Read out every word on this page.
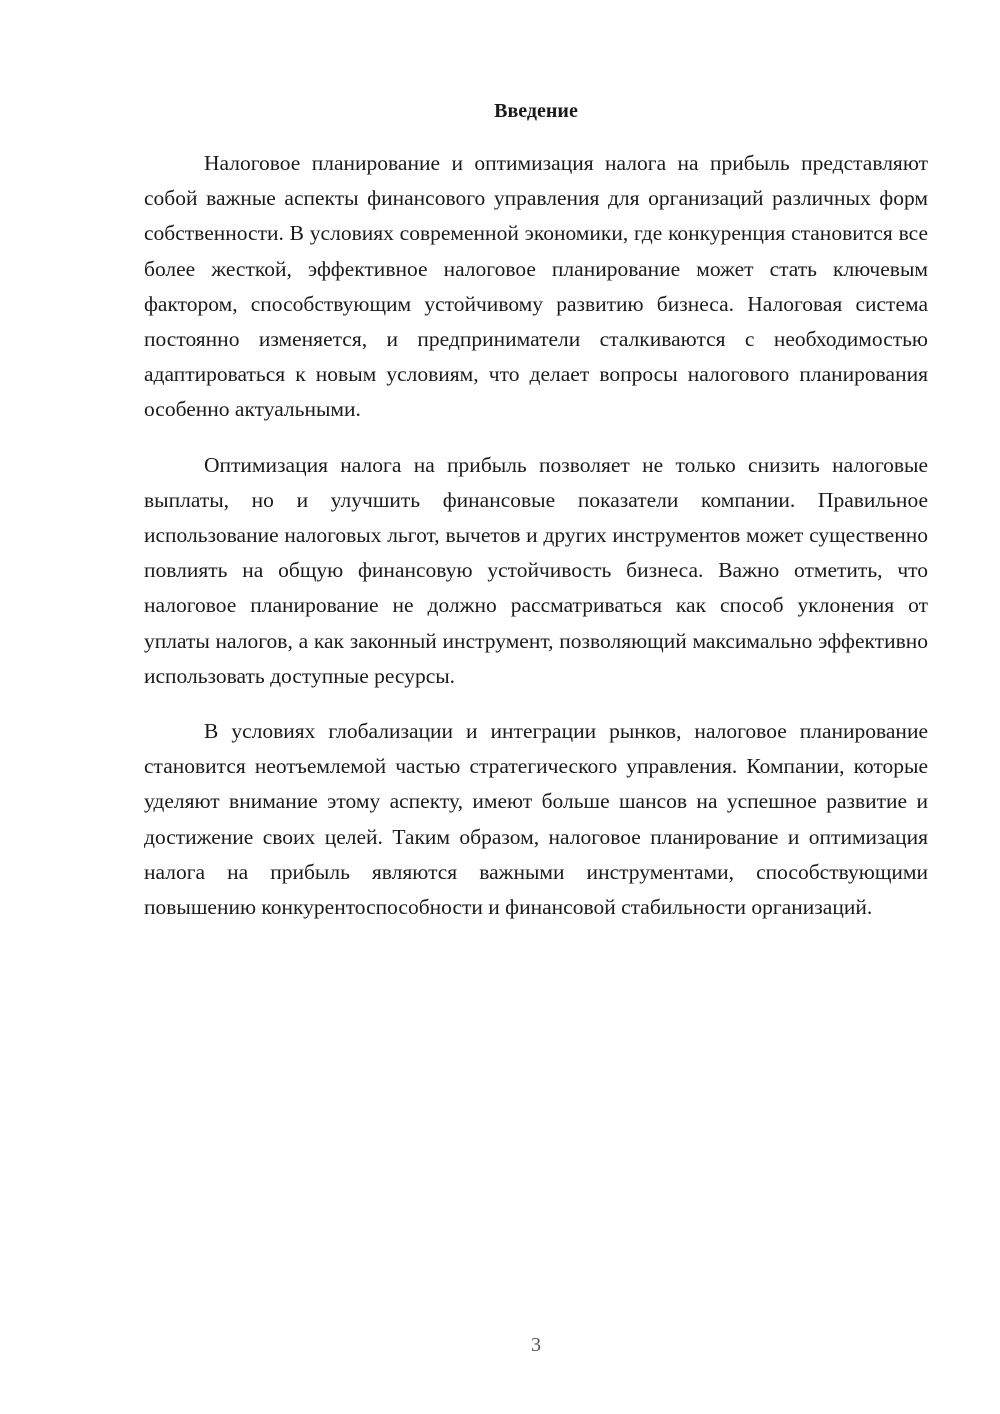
Введение

Налоговое планирование и оптимизация налога на прибыль представляют собой важные аспекты финансового управления для организаций различных форм собственности. В условиях современной экономики, где конкуренция становится все более жесткой, эффективное налоговое планирование может стать ключевым фактором, способствующим устойчивому развитию бизнеса. Налоговая система постоянно изменяется, и предприниматели сталкиваются с необходимостью адаптироваться к новым условиям, что делает вопросы налогового планирования особенно актуальными.

Оптимизация налога на прибыль позволяет не только снизить налоговые выплаты, но и улучшить финансовые показатели компании. Правильное использование налоговых льгот, вычетов и других инструментов может существенно повлиять на общую финансовую устойчивость бизнеса. Важно отметить, что налоговое планирование не должно рассматриваться как способ уклонения от уплаты налогов, а как законный инструмент, позволяющий максимально эффективно использовать доступные ресурсы.

В условиях глобализации и интеграции рынков, налоговое планирование становится неотъемлемой частью стратегического управления. Компании, которые уделяют внимание этому аспекту, имеют больше шансов на успешное развитие и достижение своих целей. Таким образом, налоговое планирование и оптимизация налога на прибыль являются важными инструментами, способствующими повышению конкурентоспособности и финансовой стабильности организаций.

3
